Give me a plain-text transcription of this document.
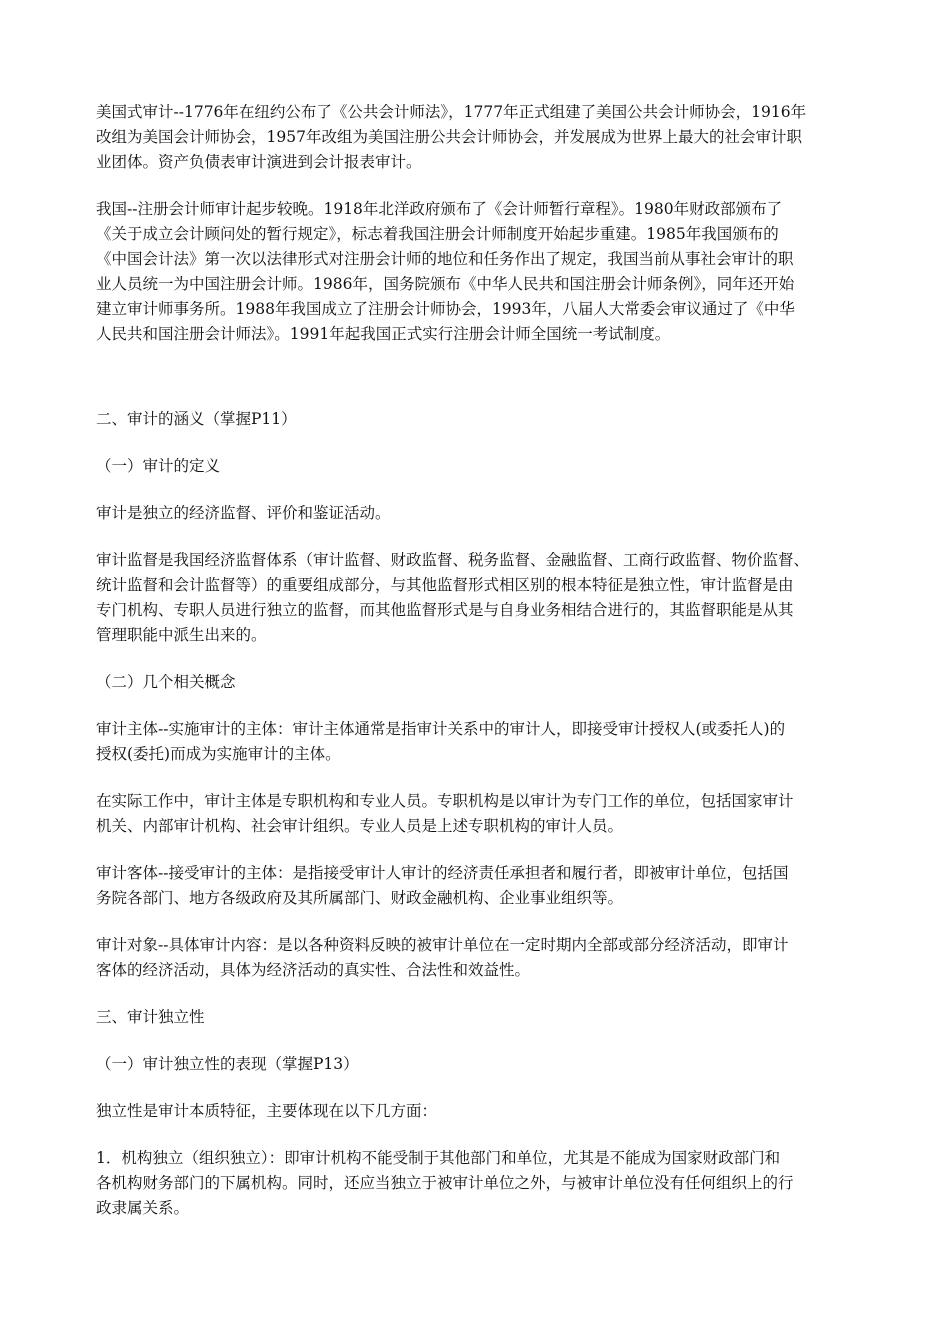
美国式审计--1776年在纽约公布了《公共会计师法》，1777年正式组建了美国公共会计师协会，1916年
改组为美国会计师协会，1957年改组为美国注册公共会计师协会，并发展成为世界上最大的社会审计职
业团体。资产负债表审计演进到会计报表审计。

我国--注册会计师审计起步较晚。1918年北洋政府颁布了《会计师暂行章程》。1980年财政部颁布了
《关于成立会计顾问处的暂行规定》，标志着我国注册会计师制度开始起步重建。1985年我国颁布的
《中国会计法》第一次以法律形式对注册会计师的地位和任务作出了规定，我国当前从事社会审计的职
业人员统一为中国注册会计师。1986年，国务院颁布《中华人民共和国注册会计师条例》，同年还开始
建立审计师事务所。1988年我国成立了注册会计师协会，1993年，八届人大常委会审议通过了《中华
人民共和国注册会计师法》。1991年起我国正式实行注册会计师全国统一考试制度。

二、审计的涵义（掌握P11）

（一）审计的定义

审计是独立的经济监督、评价和鉴证活动。

审计监督是我国经济监督体系（审计监督、财政监督、税务监督、金融监督、工商行政监督、物价监督、
统计监督和会计监督等）的重要组成部分，与其他监督形式相区别的根本特征是独立性，审计监督是由
专门机构、专职人员进行独立的监督，而其他监督形式是与自身业务相结合进行的，其监督职能是从其
管理职能中派生出来的。

（二）几个相关概念

审计主体--实施审计的主体：审计主体通常是指审计关系中的审计人，即接受审计授权人(或委托人)的
授权(委托)而成为实施审计的主体。

在实际工作中，审计主体是专职机构和专业人员。专职机构是以审计为专门工作的单位，包括国家审计
机关、内部审计机构、社会审计组织。专业人员是上述专职机构的审计人员。

审计客体--接受审计的主体：是指接受审计人审计的经济责任承担者和履行者，即被审计单位，包括国
务院各部门、地方各级政府及其所属部门、财政金融机构、企业事业组织等。

审计对象--具体审计内容：是以各种资料反映的被审计单位在一定时期内全部或部分经济活动，即审计
客体的经济活动，具体为经济活动的真实性、合法性和效益性。

三、审计独立性

（一）审计独立性的表现（掌握P13）

独立性是审计本质特征，主要体现在以下几方面：

1．机构独立（组织独立）：即审计机构不能受制于其他部门和单位，尤其是不能成为国家财政部门和
各机构财务部门的下属机构。同时，还应当独立于被审计单位之外，与被审计单位没有任何组织上的行
政隶属关系。
